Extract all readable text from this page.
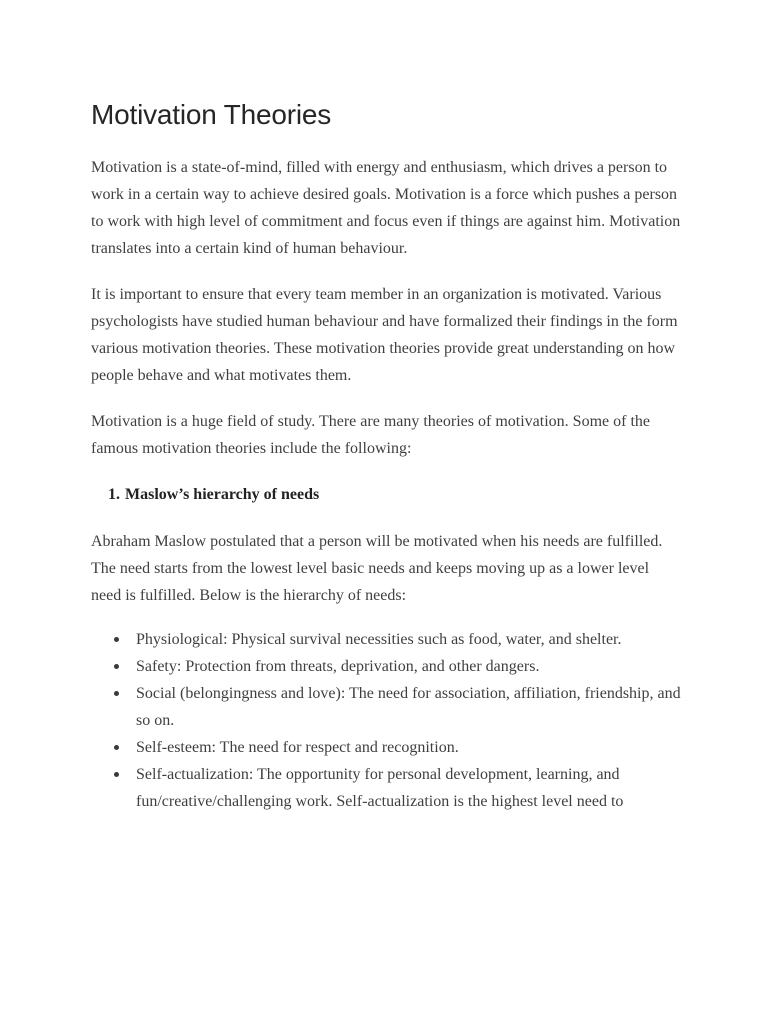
Motivation Theories

Motivation is a state-of-mind, filled with energy and enthusiasm, which drives a person to work in a certain way to achieve desired goals. Motivation is a force which pushes a person to work with high level of commitment and focus even if things are against him. Motivation translates into a certain kind of human behaviour.

It is important to ensure that every team member in an organization is motivated. Various psychologists have studied human behaviour and have formalized their findings in the form various motivation theories. These motivation theories provide great understanding on how people behave and what motivates them.

Motivation is a huge field of study. There are many theories of motivation. Some of the famous motivation theories include the following:

1. Maslow’s hierarchy of needs

Abraham Maslow postulated that a person will be motivated when his needs are fulfilled. The need starts from the lowest level basic needs and keeps moving up as a lower level need is fulfilled. Below is the hierarchy of needs:

Physiological: Physical survival necessities such as food, water, and shelter.
Safety: Protection from threats, deprivation, and other dangers.
Social (belongingness and love): The need for association, affiliation, friendship, and so on.
Self-esteem: The need for respect and recognition.
Self-actualization: The opportunity for personal development, learning, and fun/creative/challenging work. Self-actualization is the highest level need to
